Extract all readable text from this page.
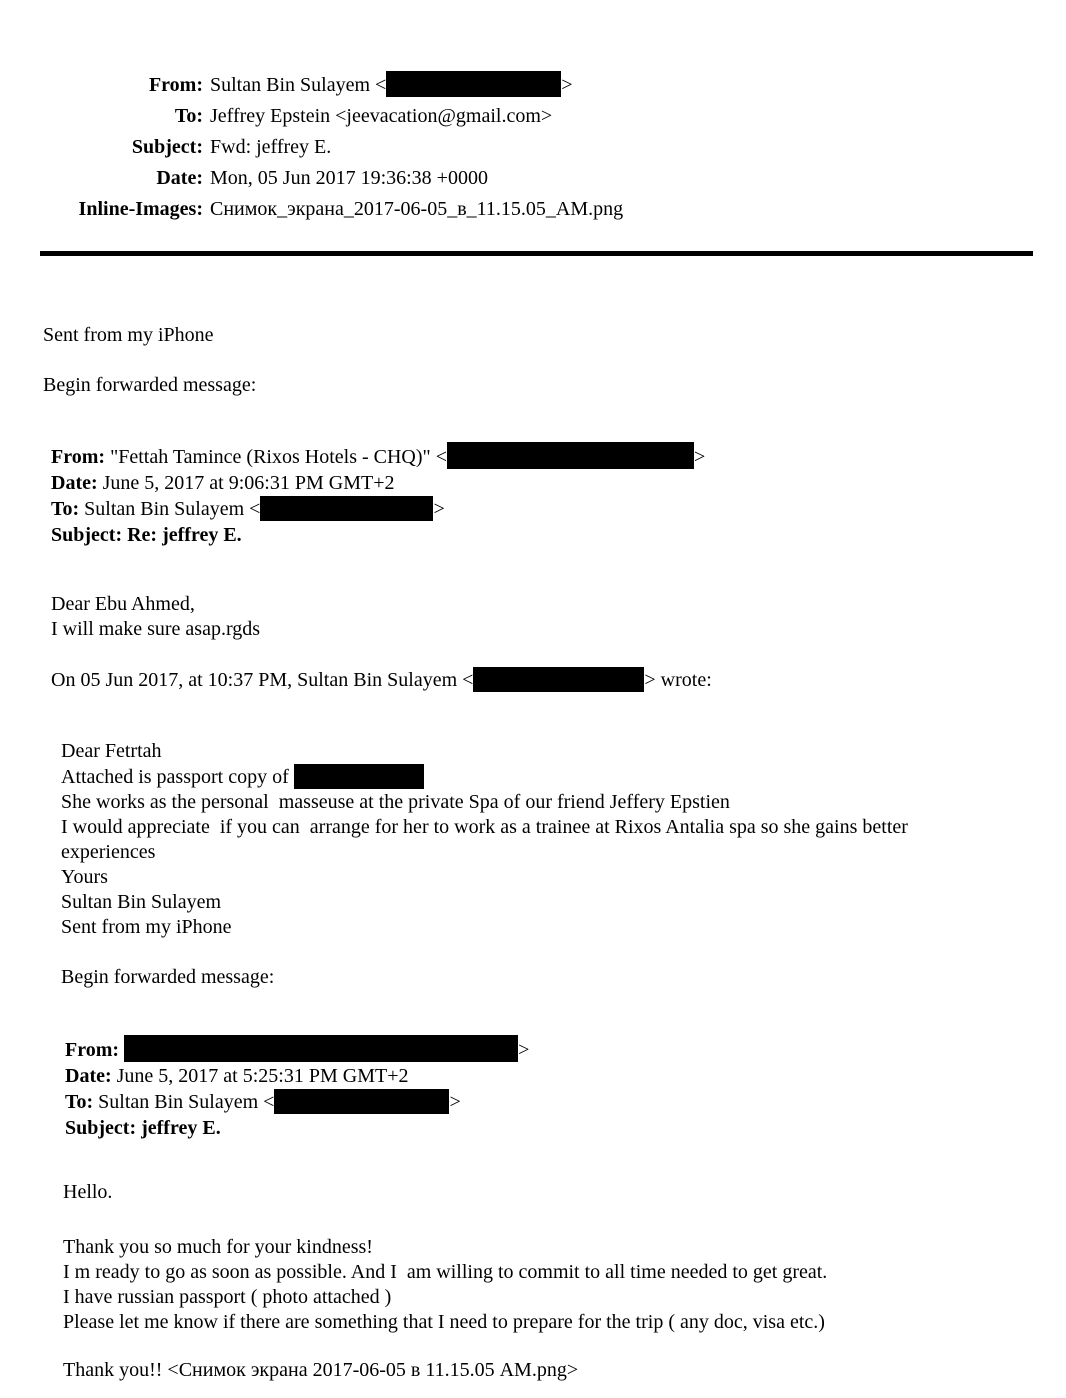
From: Sultan Bin Sulayem <	>
To: Jeffrey Epstein <jeevacation@gmail.com>
Subject: Fwd: jeffrey E.
Date: Mon, 05 Jun 2017 19:36:38 +0000
Inline-Images: Снимок_экрана_2017-06-05_в_11.15.05_AM.png
Sent from my iPhone
Begin forwarded message:
From: "Fettah Tamince (Rixos Hotels - CHQ)" <	>
Date: June 5, 2017 at 9:06:31 PM GMT+2
To: Sultan Bin Sulayem <	>
Subject: Re: jeffrey E.
Dear Ebu Ahmed,
I will make sure asap.rgds
On 05 Jun 2017, at 10:37 PM, Sultan Bin Sulayem <	> wrote:
Dear Fetrtah
Attached is passport copy of
She works as the personal  masseuse at the private Spa of our friend Jeffery Epstien
I would appreciate  if you can  arrange for her to work as a trainee at Rixos Antalia spa so she gains better
experiences
Yours
Sultan Bin Sulayem
Sent from my iPhone
Begin forwarded message:
From:	>
Date: June 5, 2017 at 5:25:31 PM GMT+2
To: Sultan Bin Sulayem <	>
Subject: jeffrey E.
Hello.
Thank you so much for your kindness!
I m ready to go as soon as possible. And I  am willing to commit to all time needed to get great.
I have russian passport ( photo attached )
Please let me know if there are something that I need to prepare for the trip ( any doc, visa etc.)
Thank you!! <Снимок экрана 2017-06-05 в 11.15.05 AM.png>
